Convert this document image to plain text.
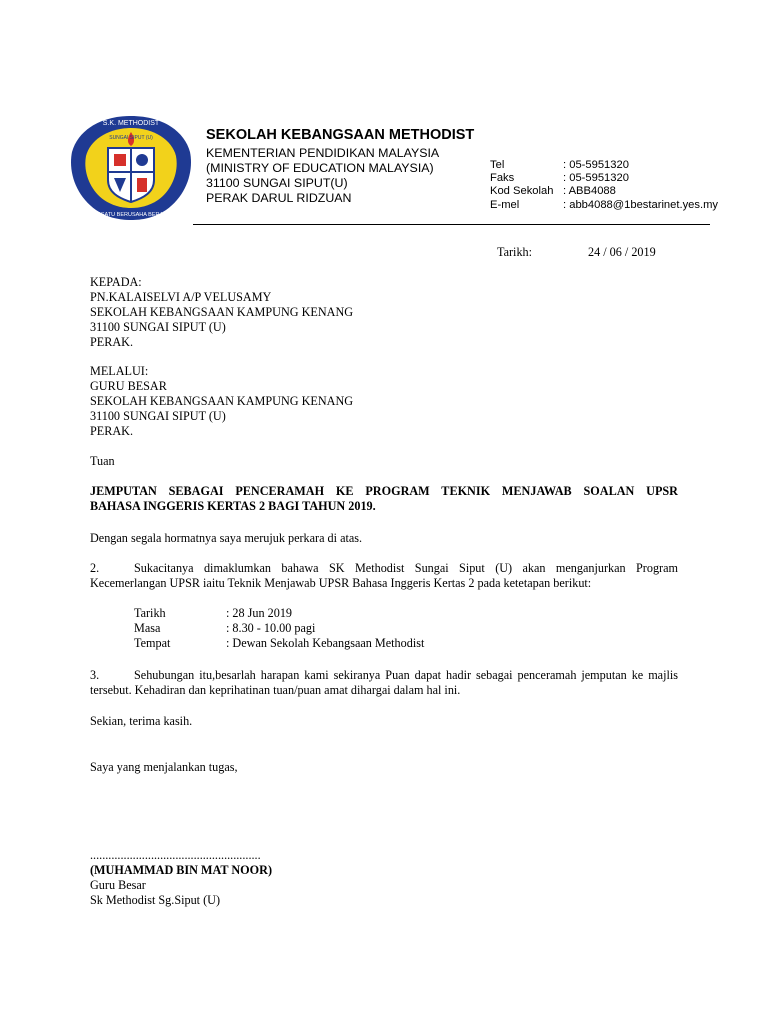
S.K. METHODIST
SUNGAI SIPUT (U)
BERSATU BERUSAHA BERJAYA
SEKOLAH KEBANGSAAN METHODIST
KEMENTERIAN PENDIDIKAN MALAYSIA
(MINISTRY OF EDUCATION MALAYSIA)
31100 SUNGAI SIPUT(U)
PERAK DARUL RIDZUAN
Tel	: 05-5951320
Faks	: 05-5951320
Kod Sekolah : ABB4088
E-mel	: abb4088@1bestarinet.yes.my
Tarikh:	24 / 06 / 2019
KEPADA:
PN.KALAISELVI A/P VELUSAMY
SEKOLAH KEBANGSAAN KAMPUNG KENANG
31100 SUNGAI SIPUT (U)
PERAK.
MELALUI:
GURU BESAR
SEKOLAH KEBANGSAAN KAMPUNG KENANG
31100 SUNGAI SIPUT (U)
PERAK.
Tuan
JEMPUTAN SEBAGAI PENCERAMAH KE PROGRAM TEKNIK MENJAWAB SOALAN UPSR
BAHASA INGGERIS KERTAS 2 BAGI TAHUN 2019.
Dengan segala hormatnya saya merujuk perkara di atas.
2.	Sukacitanya dimaklumkan bahawa SK Methodist Sungai Siput (U) akan menganjurkan Program
Kecemerlangan UPSR iaitu Teknik Menjawab UPSR Bahasa Inggeris Kertas 2 pada ketetapan berikut:
Tarikh	: 28 Jun 2019
Masa	: 8.30 - 10.00 pagi
Tempat	: Dewan Sekolah Kebangsaan Methodist
3.	Sehubungan itu,besarlah harapan kami sekiranya Puan dapat hadir sebagai penceramah jemputan ke majlis
tersebut. Kehadiran dan keprihatinan tuan/puan amat dihargai dalam hal ini.
Sekian, terima kasih.
Saya yang menjalankan tugas,
........................................................
(MUHAMMAD BIN MAT NOOR)
Guru Besar
Sk Methodist Sg.Siput (U)
